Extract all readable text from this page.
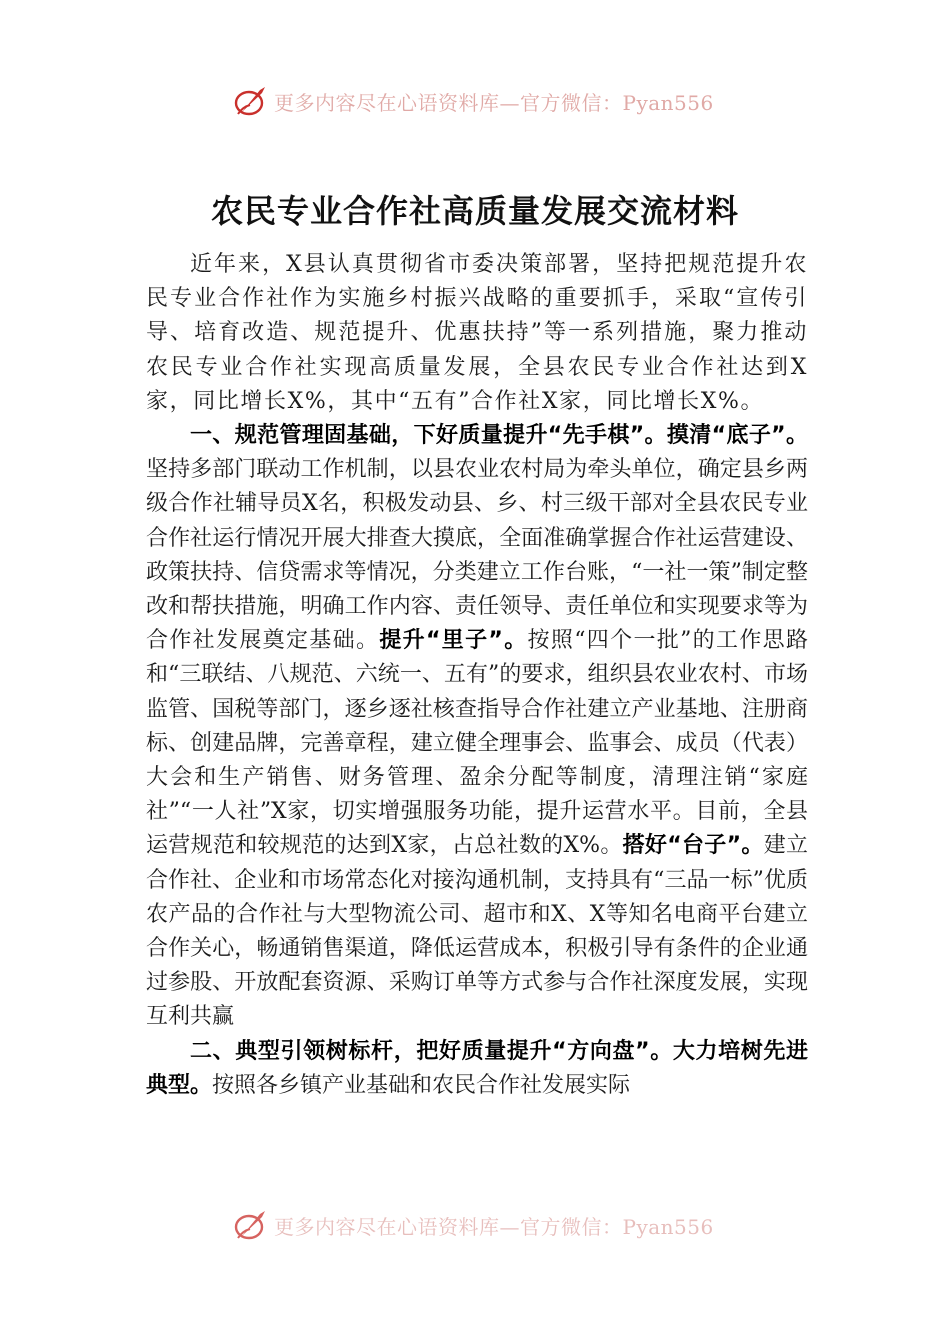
更多内容尽在心语资料库—官方微信：Pyan556
农民专业合作社高质量发展交流材料

近年来，X县认真贯彻省市委决策部署，坚持把规范提升农民专业合作社作为实施乡村振兴战略的重要抓手，采取“宣传引导、培育改造、规范提升、优惠扶持”等一系列措施，聚力推动农民专业合作社实现高质量发展，全县农民专业合作社达到X家，同比增长X%，其中“五有”合作社X家，同比增长X%。

一、规范管理固基础，下好质量提升“先手棋”。摸清“底子”。坚持多部门联动工作机制，以县农业农村局为牵头单位，确定县乡两级合作社辅导员X名，积极发动县、乡、村三级干部对全县农民专业合作社运行情况开展大排查大摸底，全面准确掌握合作社运营建设、政策扶持、信贷需求等情况，分类建立工作台账，“一社一策”制定整改和帮扶措施，明确工作内容、责任领导、责任单位和实现要求等为合作社发展奠定基础。提升“里子”。按照“四个一批”的工作思路和“三联结、八规范、六统一、五有”的要求，组织县农业农村、市场监管、国税等部门，逐乡逐社核查指导合作社建立产业基地、注册商标、创建品牌，完善章程，建立健全理事会、监事会、成员（代表）大会和生产销售、财务管理、盈余分配等制度，清理注销“家庭社”“一人社”X家，切实增强服务功能，提升运营水平。目前，全县运营规范和较规范的达到X家，占总社数的X%。搭好“台子”。建立合作社、企业和市场常态化对接沟通机制，支持具有“三品一标”优质农产品的合作社与大型物流公司、超市和X、X等知名电商平台建立合作关心，畅通销售渠道，降低运营成本，积极引导有条件的企业通过参股、开放配套资源、采购订单等方式参与合作社深度发展，实现互利共赢

二、典型引领树标杆，把好质量提升“方向盘”。大力培树先进典型。按照各乡镇产业基础和农民合作社发展实际

更多内容尽在心语资料库—官方微信：Pyan556
